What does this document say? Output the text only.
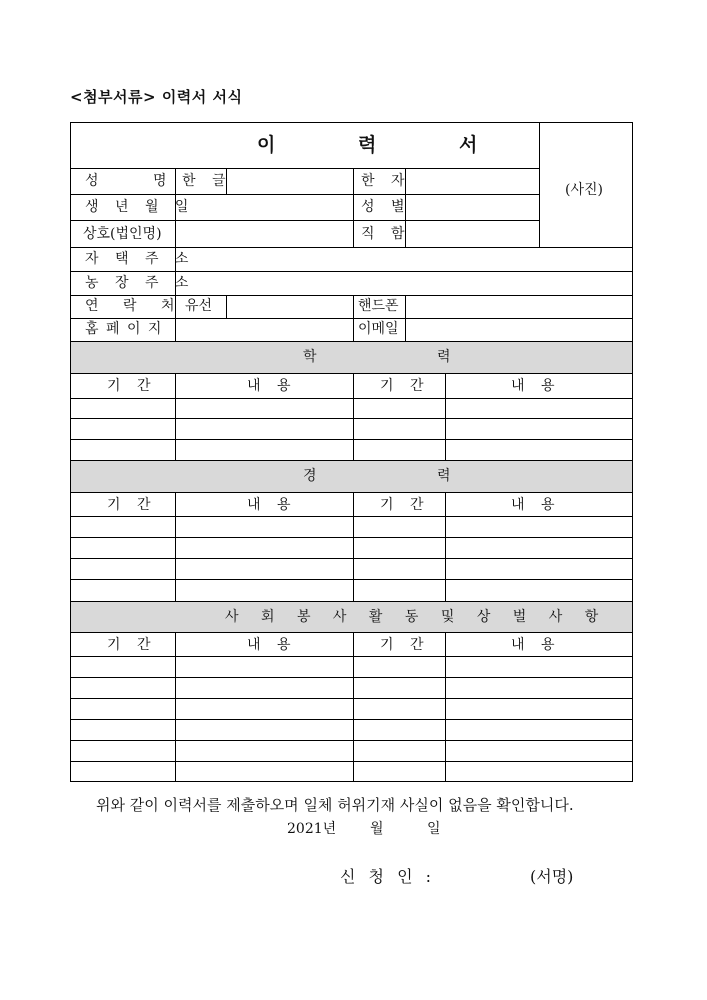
<첨부서류> 이력서 서식
이 력 서
(사진)
성 명 한 글	한 자
생 년 월 일	성 별
상호(법인명)	직 함
자 택 주 소
농 장 주 소
연 락 처 유선	핸드폰
홈 페 이 지	이메일
학 력
기 간	내 용	기 간	내 용
경 력
기 간	내 용	기 간	내 용
사 회 봉 사 활 동 및 상 벌 사 항
기 간	내 용	기 간	내 용
위와 같이 이력서를 제출하오며 일체 허위기재 사실이 없음을 확인합니다.
2021년 월	일
신 청 인 :	(서명)
